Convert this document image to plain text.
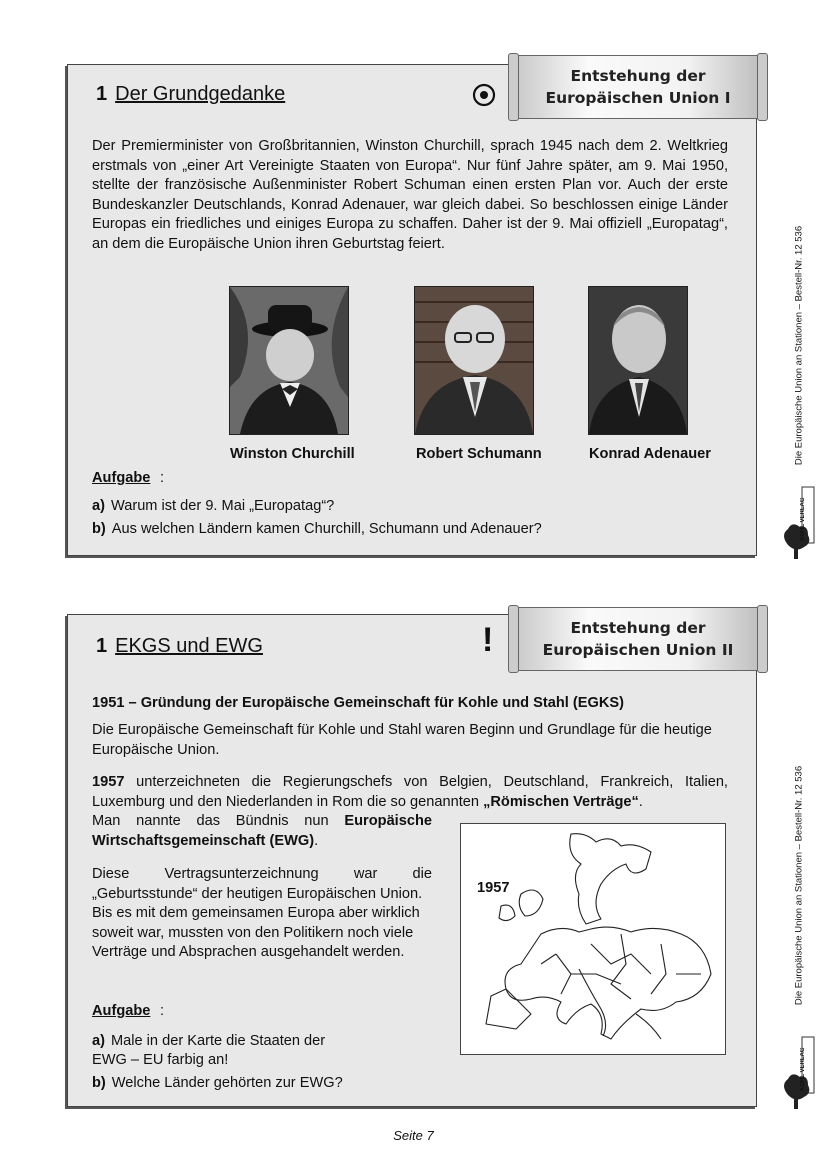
1 Der Grundgedanke
Entstehung der
Europäischen Union I

Der Premierminister von Großbritannien, Winston Churchill, sprach 1945 nach dem 2. Weltkrieg erstmals von „einer Art Vereinigte Staaten von Europa“. Nur fünf Jahre später, am 9. Mai 1950, stellte der französische Außenminister Robert Schuman einen ersten Plan vor. Auch der erste Bundeskanzler Deutschlands, Konrad Adenauer, war gleich dabei. So beschlossen einige Länder Europas ein friedliches und einiges Europa zu schaffen. Daher ist der 9. Mai offiziell „Europatag“, an dem die Europäische Union ihren Geburtstag feiert.

Winston Churchill	Robert Schumann	Konrad Adenauer
Aufgabe :
a) Warum ist der 9. Mai „Europatag“?
b) Aus welchen Ländern kamen Churchill, Schumann und Adenauer?
1 EKGS und EWG	!	Entstehung der
Europäischen Union II
1951 – Gründung der Europäische Gemeinschaft für Kohle und Stahl (EGKS)

Die Europäische Gemeinschaft für Kohle und Stahl waren Beginn und Grundlage für die heutige Europäische Union.

1957 unterzeichneten die Regierungschefs von Belgien, Deutschland, Frankreich, Italien, Luxemburg und den Niederlanden in Rom die so genannten „Römischen Verträge“.

Man nannte das Bündnis nun Europäische Wirtschaftsgemeinschaft (EWG).

Diese Vertragsunterzeichnung war die „Geburtsstunde“ der heutigen Europäischen Union.

Bis es mit dem gemeinsamen Europa aber wirklich soweit war, mussten von den Politikern noch viele Verträge und Absprachen ausgehandelt werden.

1957
Aufgabe :
a) Male in der Karte die Staaten der EWG – EU farbig an!
b) Welche Länder gehörten zur EWG?
Die Europäische Union an Stationen – Bestell-Nr. 12 536
Die Europäische Union an Stationen – Bestell-Nr. 12 536
KOHL VERLAG
KOHL VERLAG
Seite 7
